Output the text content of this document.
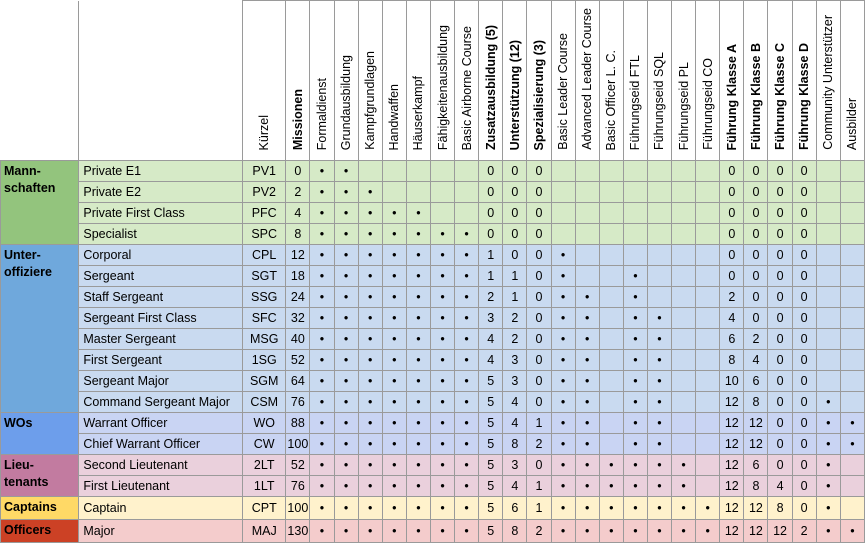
		Kürzel	Missionen	Formaldienst	Grundausbildung	Kampfgrundlagen	Handwaffen	Häuserkampf	Fähigkeitenausbildung	Basic Airborne Course	Zusatzausbildung (5)	Unterstützung (12)	Spezialisierung (3)	Basic Leader Course	Advanced Leader Course	Basic Officer L. C.	Führungseid FTL	Führungseid SQL	Führungseid PL	Führungseid CO	Führung Klasse A	Führung Klasse B	Führung Klasse C	Führung Klasse D	Community Unterstützer	Ausbilder
Mann-
schaften	Private E1	PV1	0	•	•						0	0	0								0	0	0	0		
	Private E2	PV2	2	•	•	•					0	0	0								0	0	0	0		
	Private First Class	PFC	4	•	•	•	•	•			0	0	0								0	0	0	0		
	Specialist	SPC	8	•	•	•	•	•	•	•	0	0	0								0	0	0	0		
Unter-
offiziere	Corporal	CPL	12	•	•	•	•	•	•	•	1	0	0	•							0	0	0	0		
	Sergeant	SGT	18	•	•	•	•	•	•	•	1	1	0	•			•				0	0	0	0		
	Staff Sergeant	SSG	24	•	•	•	•	•	•	•	2	1	0	•	•		•				2	0	0	0		
	Sergeant First Class	SFC	32	•	•	•	•	•	•	•	3	2	0	•	•		•	•			4	0	0	0		
	Master Sergeant	MSG	40	•	•	•	•	•	•	•	4	2	0	•	•		•	•			6	2	0	0		
	First Sergeant	1SG	52	•	•	•	•	•	•	•	4	3	0	•	•		•	•			8	4	0	0		
	Sergeant Major	SGM	64	•	•	•	•	•	•	•	5	3	0	•	•		•	•			10	6	0	0		
	Command Sergeant Major	CSM	76	•	•	•	•	•	•	•	5	4	0	•	•		•	•			12	8	0	0	•	
WOs	Warrant Officer	WO	88	•	•	•	•	•	•	•	5	4	1	•	•		•	•			12	12	0	0	•	•
	Chief Warrant Officer	CW	100	•	•	•	•	•	•	•	5	8	2	•	•		•	•			12	12	0	0	•	•
Lieu-
tenants	Second Lieutenant	2LT	52	•	•	•	•	•	•	•	5	3	0	•	•	•	•	•	•		12	6	0	0	•	
	First Lieutenant	1LT	76	•	•	•	•	•	•	•	5	4	1	•	•	•	•	•	•		12	8	4	0	•	
Captains	Captain	CPT	100	•	•	•	•	•	•	•	5	6	1	•	•	•	•	•	•	•	12	12	8	0	•	
Officers	Major	MAJ	130	•	•	•	•	•	•	•	5	8	2	•	•	•	•	•	•	•	12	12	12	2	•	•
